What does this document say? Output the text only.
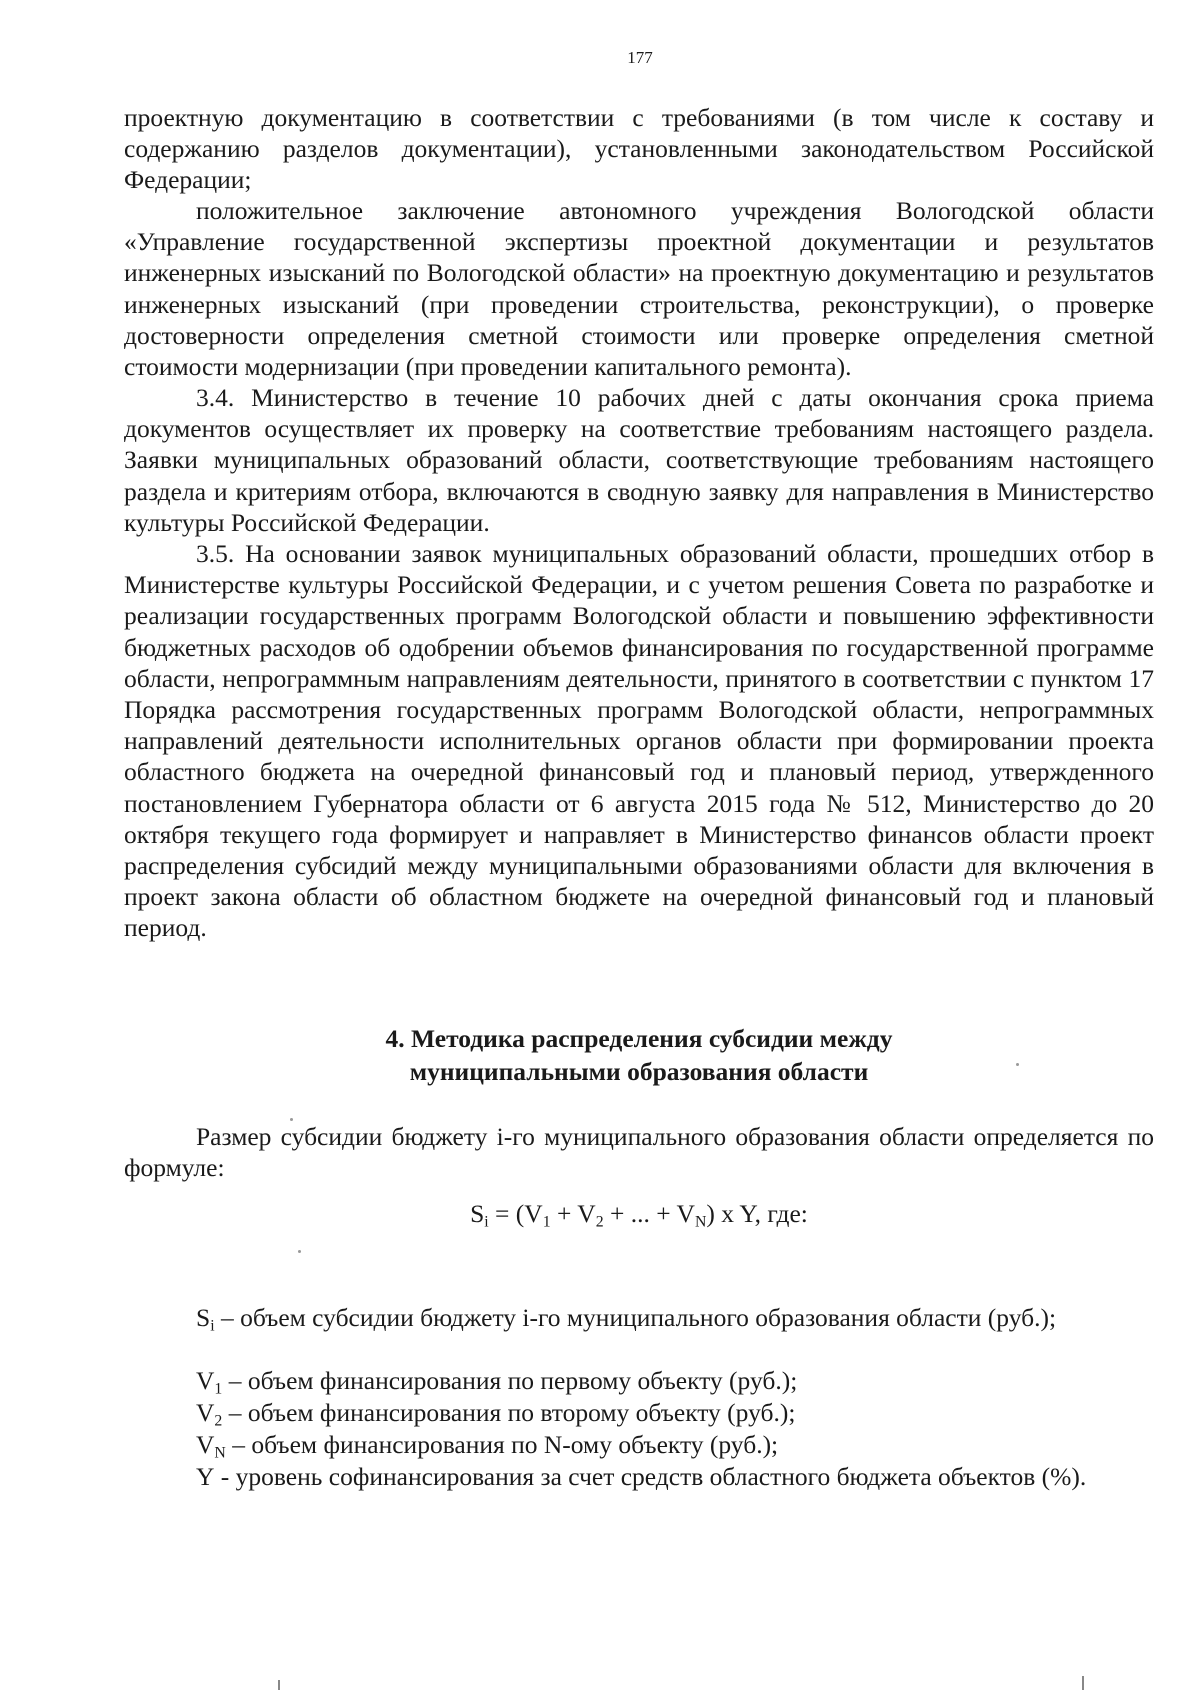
177

проектную документацию в соответствии с требованиями (в том числе к составу и содержанию разделов документации), установленными законодательством Российской Федерации;

положительное заключение автономного учреждения Вологодской области «Управление государственной экспертизы проектной документации и результатов инженерных изысканий по Вологодской области» на проектную документацию и результатов инженерных изысканий (при проведении строительства, реконструкции), о проверке достоверности определения сметной стоимости или проверке определения сметной стоимости модернизации (при проведении капитального ремонта).

3.4. Министерство в течение 10 рабочих дней с даты окончания срока приема документов осуществляет их проверку на соответствие требованиям настоящего раздела. Заявки муниципальных образований области, соответствующие требованиям настоящего раздела и критериям отбора, включаются в сводную заявку для направления в Министерство культуры Российской Федерации.

3.5. На основании заявок муниципальных образований области, прошедших отбор в Министерстве культуры Российской Федерации, и с учетом решения Совета по разработке и реализации государственных программ Вологодской области и повышению эффективности бюджетных расходов об одобрении объемов финансирования по государственной программе области, непрограммным направлениям деятельности, принятого в соответствии с пунктом 17 Порядка рассмотрения государственных программ Вологодской области, непрограммных направлений деятельности исполнительных органов области при формировании проекта областного бюджета на очередной финансовый год и плановый период, утвержденного постановлением Губернатора области от 6 августа 2015 года № 512, Министерство до 20 октября текущего года формирует и направляет в Министерство финансов области проект распределения субсидий между муниципальными образованиями области для включения в проект закона области об областном бюджете на очередной финансовый год и плановый период.

4. Методика распределения субсидии между
муниципальными образования области

Размер субсидии бюджету i-го муниципального образования области определяется по формуле:

$S_i = (V_1 + V_2$ + ... + $V_N$) x Y, где:

$S_i$ – объем субсидии бюджету i-го муниципального образования области (руб.);

$V_1$ – объем финансирования по первому объекту (руб.);

$V_2$ – объем финансирования по второму объекту (руб.);

$V_N$ – объем финансирования по N-ому объекту (руб.);

Y - уровень софинансирования за счет средств областного бюджета объектов (%).
